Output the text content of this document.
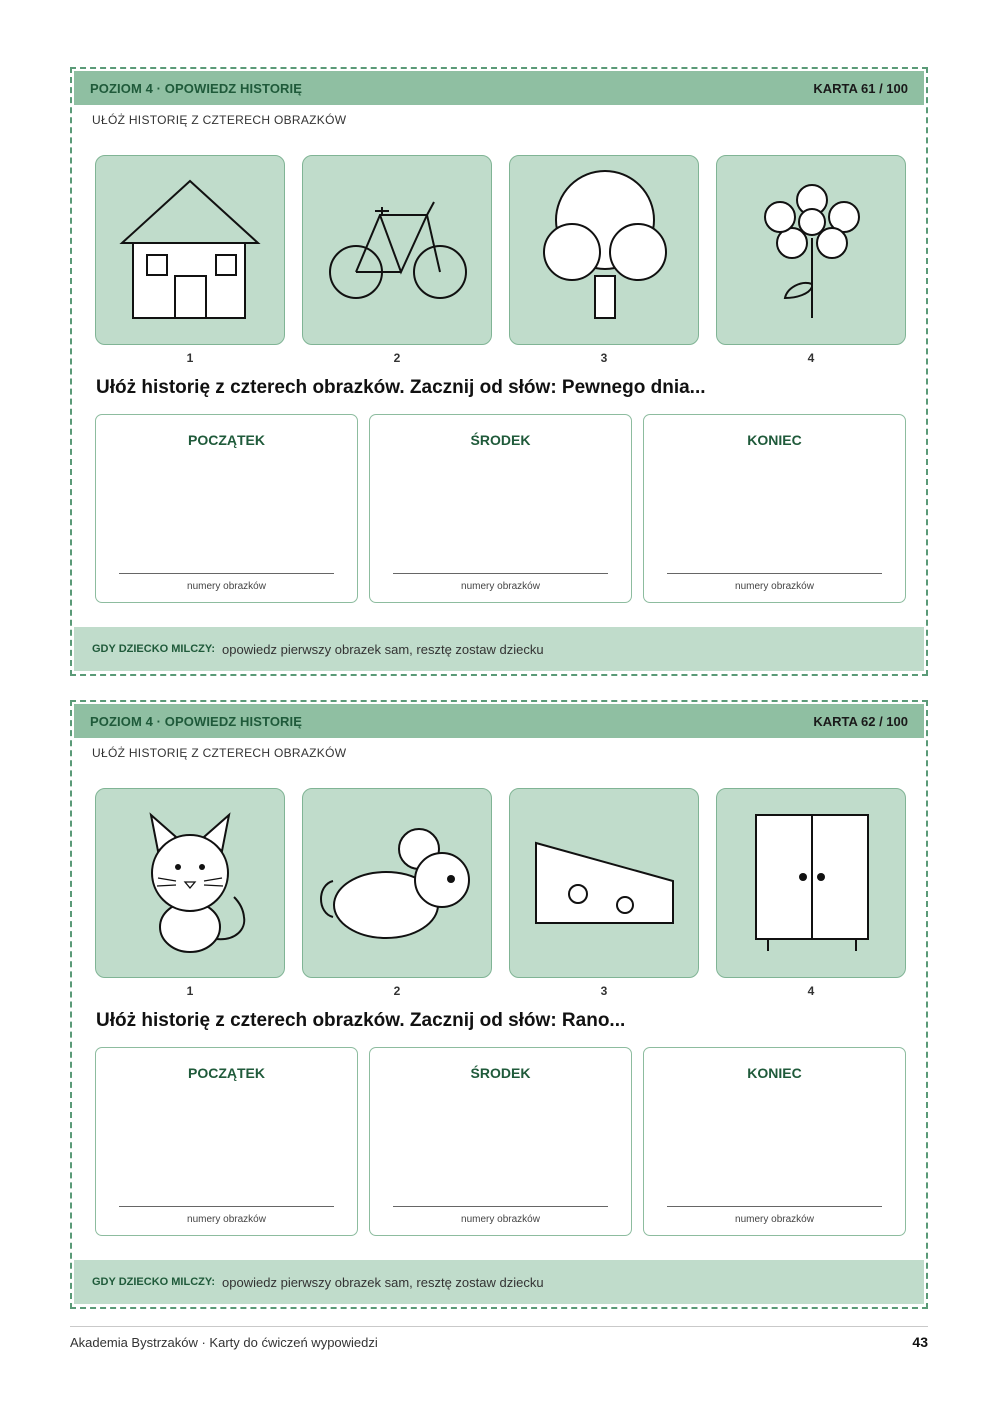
POZIOM 4 · OPOWIEDZ HISTORIĘ	KARTA 61 / 100
UŁÓŻ HISTORIĘ Z CZTERECH OBRAZKÓW
1	2	3	4
Ułóż historię z czterech obrazków. Zacznij od słów: Pewnego dnia...
POCZĄTEK
numery obrazków
ŚRODEK
numery obrazków
KONIEC
numery obrazków
GDY DZIECKO MILCZY: opowiedz pierwszy obrazek sam, resztę zostaw dziecku
POZIOM 4 · OPOWIEDZ HISTORIĘ	KARTA 62 / 100
UŁÓŻ HISTORIĘ Z CZTERECH OBRAZKÓW
1	2	3	4
Ułóż historię z czterech obrazków. Zacznij od słów: Rano...
POCZĄTEK
numery obrazków
ŚRODEK
numery obrazków
KONIEC
numery obrazków
GDY DZIECKO MILCZY: opowiedz pierwszy obrazek sam, resztę zostaw dziecku
Akademia Bystrzaków · Karty do ćwiczeń wypowiedzi	43
